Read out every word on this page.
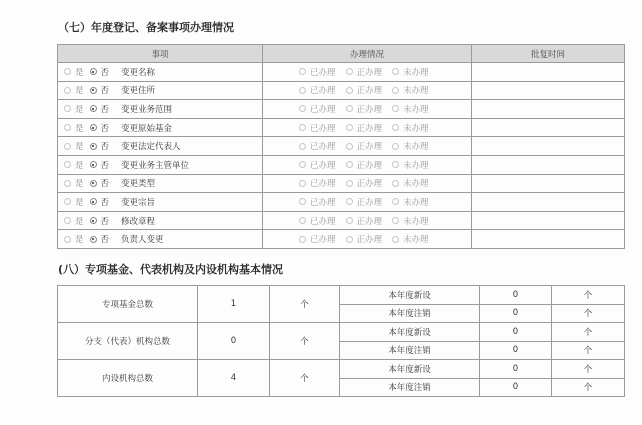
（七）年度登记、备案事项办理情况
事项	办理情况	批复时间
是 否 变更名称	已办理 正办理 未办理	
是 否 变更住所	已办理 正办理 未办理	
是 否 变更业务范围	已办理 正办理 未办理	
是 否 变更原始基金	已办理 正办理 未办理	
是 否 变更法定代表人	已办理 正办理 未办理	
是 否 变更业务主管单位	已办理 正办理 未办理	
是 否 变更类型	已办理 正办理 未办理	
是 否 变更宗旨	已办理 正办理 未办理	
是 否 修改章程	已办理 正办理 未办理	
是 否 负责人变更	已办理 正办理 未办理	
(八）专项基金、代表机构及内设机构基本情况
专项基金总数	1	个	本年度新设	0	个
			本年度注销	0	个
分支（代表）机构总数	0	个	本年度新设	0	个
			本年度注销	0	个
内设机构总数	4	个	本年度新设	0	个
			本年度注销	0	个
